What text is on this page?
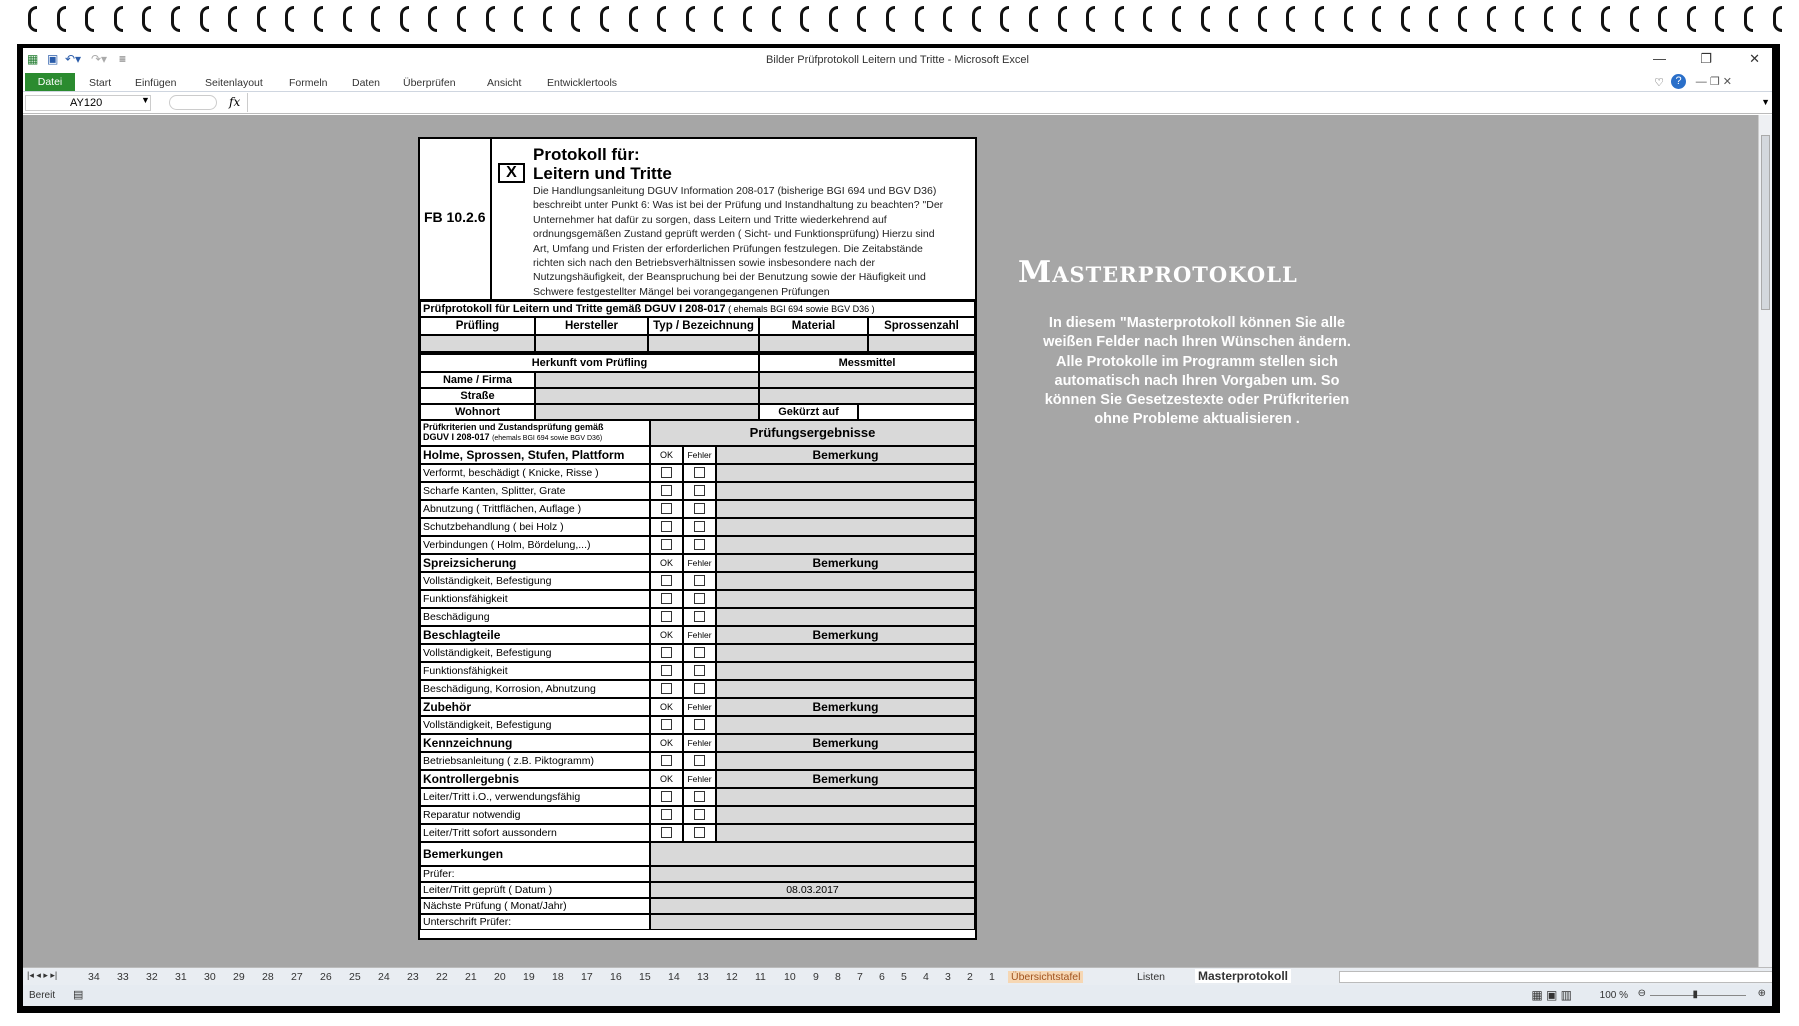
▦ ▣ ↶▾ ↷▾ ≡	Bilder Prüfprotokoll Leitern und Tritte - Microsoft Excel	—	❐	✕
Datei	Start Einfügen	Seitenlayout Formeln Daten Überprüfen	Ansicht Entwicklertools	♡	?	— ❐ ✕
AY120	▼	fx	▼
FB 10.2.6
X
Protokoll für:
Leitern und Tritte
Die Handlungsanleitung DGUV Information 208-017 (bisherige BGI 694 und BGV D36)
beschreibt unter Punkt 6: Was ist bei der Prüfung und Instandhaltung zu beachten? "Der
Unternehmer hat dafür zu sorgen, dass Leitern und Tritte wiederkehrend auf
ordnungsgemäßen Zustand geprüft werden ( Sicht- und Funktionsprüfung) Hierzu sind
Art, Umfang und Fristen der erforderlichen Prüfungen festzulegen. Die Zeitabstände
richten sich nach den Betriebsverhältnissen sowie insbesondere nach der
Nutzungshäufigkeit, der Beanspruchung bei der Benutzung sowie der Häufigkeit und
Schwere festgestellter Mängel bei vorangegangenen Prüfungen
Prüfprotokoll für Leitern und Tritte gemäß DGUV I 208-017 ( ehemals BGI 694 sowie BGV D36 )
Prüfling	Hersteller	Typ / Bezeichnung	Material	Sprossenzahl
Herkunft vom Prüfling	Messmittel
Name / Firma
Straße
Wohnort	Gekürzt auf
Prüfkriterien und Zustandsprüfung gemäß
DGUV I 208-017 (ehemals BGI 694 sowie BGV D36)	Prüfungsergebnisse
Holme, Sprossen, Stufen, Plattform	OK	Fehler	Bemerkung
Verformt, beschädigt ( Knicke, Risse )
Scharfe Kanten, Splitter, Grate
Abnutzung ( Trittflächen, Auflage )
Schutzbehandlung ( bei Holz )
Verbindungen ( Holm, Bördelung,...)
Spreizsicherung	OK	Fehler	Bemerkung
Vollständigkeit, Befestigung
Funktionsfähigkeit
Beschädigung
Beschlagteile	OK	Fehler	Bemerkung
Vollständigkeit, Befestigung
Funktionsfähigkeit
Beschädigung, Korrosion, Abnutzung
Zubehör	OK	Fehler	Bemerkung
Vollständigkeit, Befestigung
Kennzeichnung	OK	Fehler	Bemerkung
Betriebsanleitung ( z.B. Piktogramm)
Kontrollergebnis	OK	Fehler	Bemerkung
Leiter/Tritt i.O., verwendungsfähig
Reparatur notwendig
Leiter/Tritt sofort aussondern
Bemerkungen
Prüfer:
Leiter/Tritt geprüft ( Datum )	08.03.2017
Nächste Prüfung ( Monat/Jahr)
Unterschrift Prüfer:
Masterprotokoll
In diesem "Masterprotokoll können Sie alle weißen Felder nach Ihren Wünschen ändern. Alle Protokolle im Programm stellen sich automatisch nach Ihren Vorgaben um. So können Sie Gesetzestexte oder Prüfkriterien ohne Probleme aktualisieren .
|◂ ◂ ▸ ▸|	34 33 32 31 30 29 28 27 26 25 24 23 22 21 20 19 18 17 16 15 14 13 12 11 10 9 8 7 6 5 4 3 2 1 Übersichtstafel	Listen	Masterprotokoll
Bereit ▤	▦ ▣ ▥	100 % ⊖	▮	⊕
